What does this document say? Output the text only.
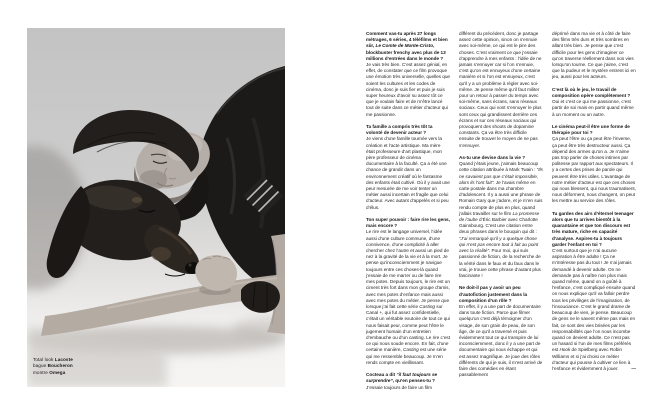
Total look Lacoste
bague Boucheron
montre Omega

Comment vas-tu après 27 longs métrages, 6 séries, 4 téléfilms et bien sûr, Le Comte de Monte-Cristo, blockbuster frenchy avec plus de 13 millions d’entrées dans le monde ?

Je vais très bien. C’est assez génial, en effet, de constater que ce film provoque une émotion très universelle, quelles que soient les cultures et les codes de cinéma, donc je suis fier et puis je suis super heureux d’avoir su assez tôt ce que je voulais faire et de m’être lancé tout de suite dans ce métier d’acteur qui me passionne.

Ta famille a compris très tôt ta volonté de devenir acteur ?

Je viens d’une famille tournée vers la création et l’acte artistique. Ma mère était professeure d’art plastique, mon père professeur de cinéma documentaire à la faculté. Ça a été une chance de grandir dans un environnement créatif où le fantasme des enfants était cultivé. Où il y avait une peur mesurée de me voir tenter un métier aussi incertain et fragile que celui d’acteur. Avec autant d’appelés et si peu d’élus.

Ton super pouvoir : faire rire les gens, mais encore ?

Le rire est le langage universel, l’idée aussi d’une culture commune, d’une connivence, d’une complicité à aller chercher chez l’autre et aussi un pied de nez à la gravité de la vie et à la mort. Je pense qu’inconsciemment je navigue toujours entre ces choses-là quand j’essaie de me marrer ou de faire rire mes potes. Depuis toujours, le rire est un ciment très fort dans mon groupe d’amis, avec mes potes d’enfance mais aussi avec mes potes du métier. Je pense que lorsque j’ai fait cette série Casting sur Canal +, qui fut assez confidentielle, c’était un véritable exutoire de tout ce qui nous faisait peur, comme peut l’être le jugement humain d’un entretien d’embauche ou d’un casting. Le rire c’est ce qui nous soude encore. En fait, d’une certaine manière, Casting est une série qui me ressemble beaucoup. Je m’en rends compte en vieillissant.

Cocteau a dit “il faut toujours se surprendre”, qu’en penses-tu ?

J’essaie toujours de faire un film

différent du précédent, donc je partage assez cette opinion, sinon on s’ennuie avec soi-même, ce qui est le pire des choses. C’est vraiment ce que j’essaie d’apprendre à mes enfants : l’idée de ne jamais s’ennuyer car si l’on s’ennuie, c’est qu’on est ennuyeux d’une certaine manière et si l’on est ennuyeux, c’est qu’il y a un problème à régler avec soi-même. Je pense même qu’il faut militer pour un retour à passer du temps avec soi-même, sans écrans, sans réseaux sociaux. Ceux qui vont s’ennuyer le plus sont ceux qui grandissent derrière ces écrans et sur ces réseaux sociaux qui provoquent des shoots de dopamine constants. Ça va être très difficile ensuite de trouver le moyen de ne pas s’ennuyer.

As-tu une devise dans la vie ?

Quand j’étais jeune, j’aimais beaucoup cette citation attribuée à Mark Twain : “Ils ne savaient pas que c’était impossible, alors ils l’ont fait”. Je l’avais même en carte postale dans ma chambre d’adolescent. Il y a aussi une phrase de Romain Gary que j’adore, et je m’en suis rendu compte de plus en plus, quand j’allais travailler sur le film La promesse de l’aube d’Éric Barbier avec Charlotte Gainsbourg. C’est une citation entre deux phrases dans le bouquin qui dit : “J’ai remarqué qu’il y a quelque chose qui n’est pas encore tout à fait au point avec la réalité”. Pour moi, qui suis passionné de fiction, de la recherche de la vérité dans le faux et du faux dans le vrai, je trouve cette phrase d’autant plus fascinante !

Ne doit-il pas y avoir un peu d’autofiction justement dans la composition d’un rôle ?

En effet, il y a une part de documentaire dans toute fiction. Parce que filmer quelqu’un c’est déjà témoigner d’un visage, de son grain de peau, de son âge, de ce qu’il a traversé et puis évidemment tout ce qui transpire de lui inconsciemment, donc il y a une part de documentaire qui nous échappe et qui est assez magnifique. Je joue des rôles différents de qui je suis, il m’est arrivé de faire des comédies en étant passablement

déprimé dans ma vie et à côté de faire des films très durs et très sombres en allant très bien. Je pense que c’est difficile pour les gens d’imaginer ce qu’on traverse réellement dans nos vies lorsqu’on tourne. Ce que j’aime, c’est que la pudeur et le mystère entrent ici en jeu, aussi pour les acteurs.

C’est là où le jeu, le travail de composition opère complètement ?

Oui et c’est ce qui me passionne, c’est partir de soi mais en partir quand même à un moment ou un autre.

Le cinéma peut-il être une forme de thérapie pour toi ?

Ça peut l’être ou ça peut être l’inverse, ça peut être très destructeur aussi. Ça dépend des armes qu’on a. Je n’aime pas trop parler de choses intimes par politesse par rapport aux spectateurs. Il y a certes des prises de parole qui peuvent être très utiles. L’avantage de notre métier d’acteur est que ces choses qui nous blessent, qui nous traumatisent, nous déforment, nous changent, on peut les mettre au service des rôles.

Tu gardes des airs d’éternel teenager alors que tu arrives bientôt à la quarantaine et que ton discours est très mature, riche en capacité d’analyse. Aspires-tu à toujours garder l’enfant en toi ?

C’est surtout que je n’ai aucune aspiration à être adulte ! Ça ne m’intéresse pas du tout ! Je n’ai jamais demandé à devenir adulte. On ne demande pas à naître non plus mais quand même, quand on a goûté à l’enfance, c’est compliqué ensuite quand on nous explique qu’il va falloir perdre tous les privilèges de l’imagination, de l’insouciance. C’est le grand drame de beaucoup de vies, je pense. Beaucoup de gens ne le savent même pas mais en fait, ce sont des vies brisées par les responsabilités que l’on nous incombe quand on devient adulte. Ce n’est pas un hasard si l’un de mes films préférés est Hook de Spielberg avec Robin Williams et si j’ai choisi ce métier d’acteur qui pousse à cultiver ce lien à l’enfance et évidemment à jouer.	—
